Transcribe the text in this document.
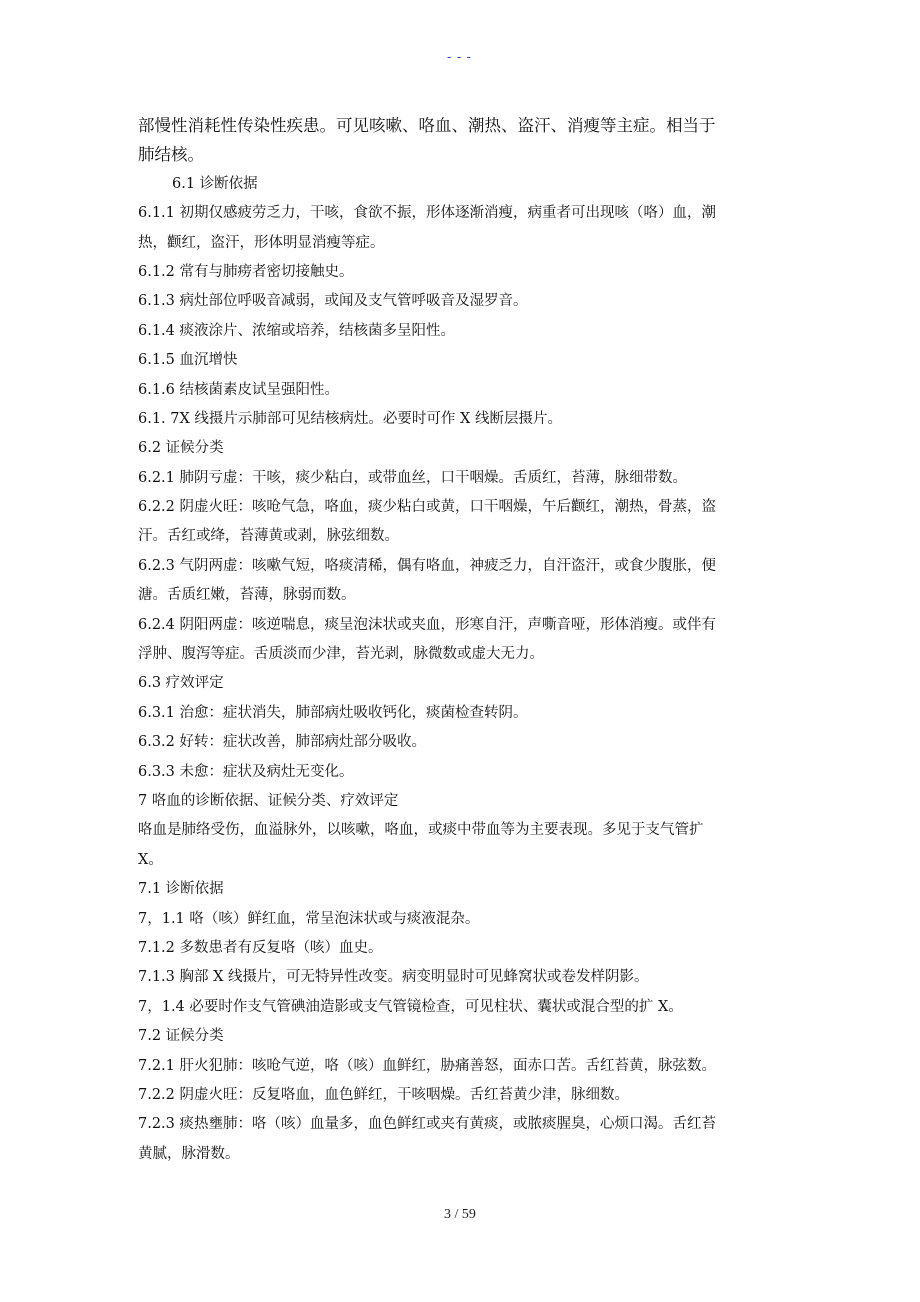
---
部慢性消耗性传染性疾患。可见咳嗽、咯血、潮热、盗汗、消瘦等主症。相当于
肺结核。
6.1 诊断依据
6.1.1 初期仅感疲劳乏力，干咳，食欲不振，形体逐渐消瘦，病重者可出现咳（咯）血，潮
热，颧红，盗汗，形体明显消瘦等症。
6.1.2 常有与肺痨者密切接触史。
6.1.3 病灶部位呼吸音减弱，或闻及支气管呼吸音及湿罗音。
6.1.4 痰液涂片、浓缩或培养，结核菌多呈阳性。
6.1.5 血沉增快
6.1.6 结核菌素皮试呈强阳性。
6.1. 7X 线摄片示肺部可见结核病灶。必要时可作 X 线断层摄片。
6.2 证候分类
6.2.1 肺阴亏虚：干咳，痰少粘白，或带血丝，口干咽燥。舌质红，苔薄，脉细带数。
6.2.2 阴虚火旺：咳呛气急，咯血，痰少粘白或黄，口干咽燥，午后颧红，潮热，骨蒸，盗
汗。舌红或绛，苔薄黄或剥，脉弦细数。
6.2.3 气阴两虚：咳嗽气短，咯痰清稀，偶有咯血，神疲乏力，自汗盗汗，或食少腹胀，便
溏。舌质红嫩，苔薄，脉弱而数。
6.2.4 阴阳两虚：咳逆喘息，痰呈泡沫状或夹血，形寒自汗，声嘶音哑，形体消瘦。或伴有
浮肿、腹泻等症。舌质淡而少津，苔光剥，脉微数或虚大无力。
6.3 疗效评定
6.3.1 治愈：症状消失，肺部病灶吸收钙化，痰菌检查转阴。
6.3.2 好转：症状改善，肺部病灶部分吸收。
6.3.3 未愈：症状及病灶无变化。
7 咯血的诊断依据、证候分类、疗效评定
咯血是肺络受伤，血溢脉外，以咳嗽，咯血，或痰中带血等为主要表现。多见于支气管扩
X。
7.1 诊断依据
7，1.1 咯（咳）鲜红血，常呈泡沫状或与痰液混杂。
7.1.2 多数患者有反复咯（咳）血史。
7.1.3 胸部 X 线摄片，可无特异性改变。病变明显时可见蜂窝状或卷发样阴影。
7，1.4 必要时作支气管碘油造影或支气管镜检查，可见柱状、囊状或混合型的扩 X。
7.2 证候分类
7.2.1 肝火犯肺：咳呛气逆，咯（咳）血鲜红，胁痛善怒，面赤口苦。舌红苔黄，脉弦数。
7.2.2 阴虚火旺：反复咯血，血色鲜红，干咳咽燥。舌红苔黄少津，脉细数。
7.2.3 痰热壅肺：咯（咳）血量多，血色鲜红或夹有黄痰，或脓痰腥臭，心烦口渴。舌红苔
黄腻，脉滑数。
3 / 59
